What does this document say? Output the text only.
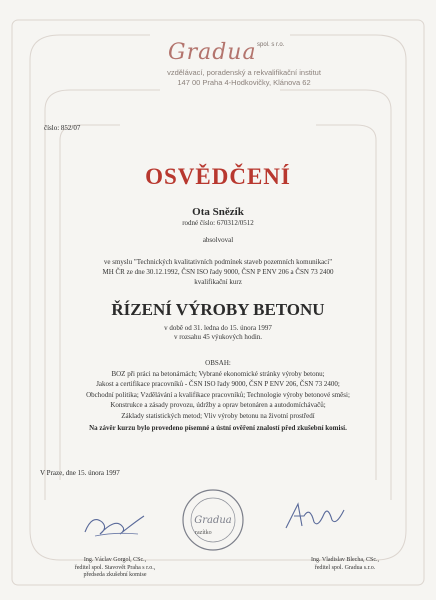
Gradua spol. s r.o.
vzdělávací, poradenský a rekvalifikační institut
147 00 Praha 4-Hodkovičky, Klánova 62
číslo: 852/07
OSVĚDČENÍ
Ota Snězík
rodné číslo: 670312/0512
absolvoval
ve smyslu "Technických kvalitativních podmínek staveb pozemních komunikací"
MH ČR ze dne 30.12.1992, ČSN ISO řady 9000, ČSN P ENV 206 a ČSN 73 2400
kvalifikační kurz
ŘÍZENÍ VÝROBY BETONU
v době od 31. ledna do 15. února 1997
v rozsahu 45 výukových hodin.
OBSAH:
BOZ při práci na betonárnách; Vybrané ekonomické stránky výroby betonu;
Jakost a certifikace pracovníků - ČSN ISO řady 9000, ČSN P ENV 206, ČSN 73 2400;
Obchodní politika; Vzdělávání a kvalifikace pracovníků; Technologie výroby betonové směsi;
Konstrukce a zásady provozu, údržby a oprav betonáren a autodomíchávačů;
Základy statistických metod; Vliv výroby betonu na životní prostředí
Na závěr kurzu bylo provedeno písemné a ústní ověření znalostí před zkušební komisí.
V Praze, dne 15. února 1997
Gradua
razítko
Ing. Václav Gorgol, CSc.,
ředitel spol. Stavovět Praha s r.o.,
předseda zkušební komise
Ing. Vladislav Blecha, CSc.,
ředitel spol. Gradua s.r.o.
